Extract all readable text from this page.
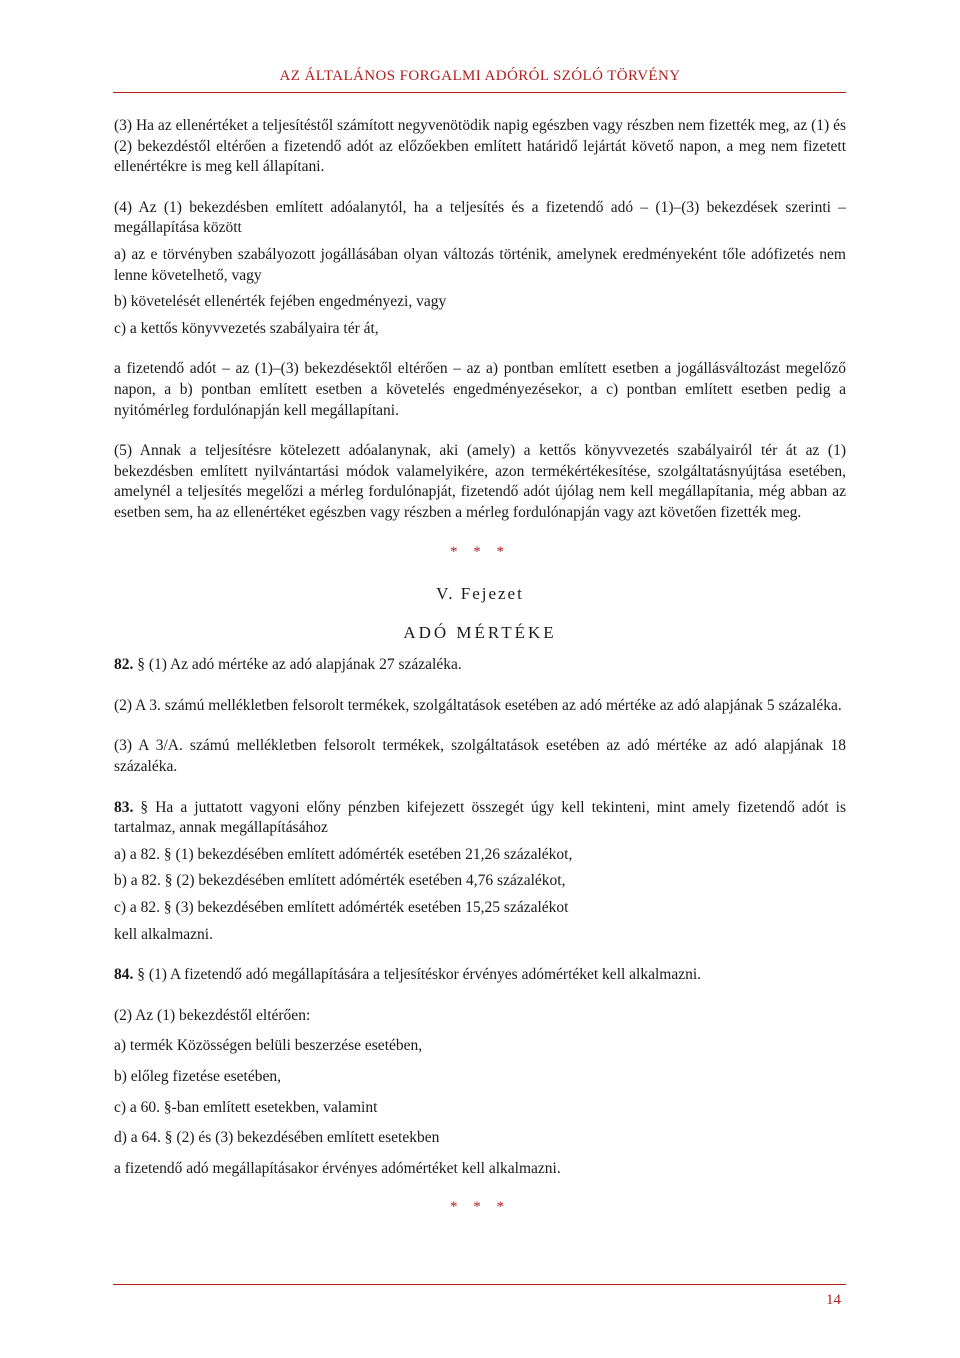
AZ ÁLTALÁNOS FORGALMI ADÓRÓL SZÓLÓ TÖRVÉNY

(3) Ha az ellenértéket a teljesítéstől számított negyvenötödik napig egészben vagy részben nem fizették meg, az (1) és (2) bekezdéstől eltérően a fizetendő adót az előzőekben említett határidő lejártát követő napon, a meg nem fizetett ellenértékre is meg kell állapítani.

(4) Az (1) bekezdésben említett adóalanytól, ha a teljesítés és a fizetendő adó – (1)–(3) bekezdések szerinti – megállapítása között

a) az e törvényben szabályozott jogállásában olyan változás történik, amelynek eredményeként tőle adófizetés nem lenne követelhető, vagy

b) követelését ellenérték fejében engedményezi, vagy

c) a kettős könyvvezetés szabályaira tér át,

a fizetendő adót – az (1)–(3) bekezdésektől eltérően – az a) pontban említett esetben a jogállásváltozást megelőző napon, a b) pontban említett esetben a követelés engedményezésekor, a c) pontban említett esetben pedig a nyitómérleg fordulónapján kell megállapítani.

(5) Annak a teljesítésre kötelezett adóalanynak, aki (amely) a kettős könyvvezetés szabályairól tér át az (1) bekezdésben említett nyilvántartási módok valamelyikére, azon termékértékesítése, szolgáltatásnyújtása esetében, amelynél a teljesítés megelőzi a mérleg fordulónapját, fizetendő adót újólag nem kell megállapítania, még abban az esetben sem, ha az ellenértéket egészben vagy részben a mérleg fordulónapján vagy azt követően fizették meg.

* * *

V. Fejezet

ADÓ MÉRTÉKE

82. § (1) Az adó mértéke az adó alapjának 27 százaléka.

(2) A 3. számú mellékletben felsorolt termékek, szolgáltatások esetében az adó mértéke az adó alapjának 5 százaléka.

(3) A 3/A. számú mellékletben felsorolt termékek, szolgáltatások esetében az adó mértéke az adó alapjának 18 százaléka.

83. § Ha a juttatott vagyoni előny pénzben kifejezett összegét úgy kell tekinteni, mint amely fizetendő adót is tartalmaz, annak megállapításához

a) a 82. § (1) bekezdésében említett adómérték esetében 21,26 százalékot,

b) a 82. § (2) bekezdésében említett adómérték esetében 4,76 százalékot,

c) a 82. § (3) bekezdésében említett adómérték esetében 15,25 százalékot

kell alkalmazni.

84. § (1) A fizetendő adó megállapítására a teljesítéskor érvényes adómértéket kell alkalmazni.

(2) Az (1) bekezdéstől eltérően:

a) termék Közösségen belüli beszerzése esetében,

b) előleg fizetése esetében,

c) a 60. §-ban említett esetekben, valamint

d) a 64. § (2) és (3) bekezdésében említett esetekben

a fizetendő adó megállapításakor érvényes adómértéket kell alkalmazni.

* * *

14
